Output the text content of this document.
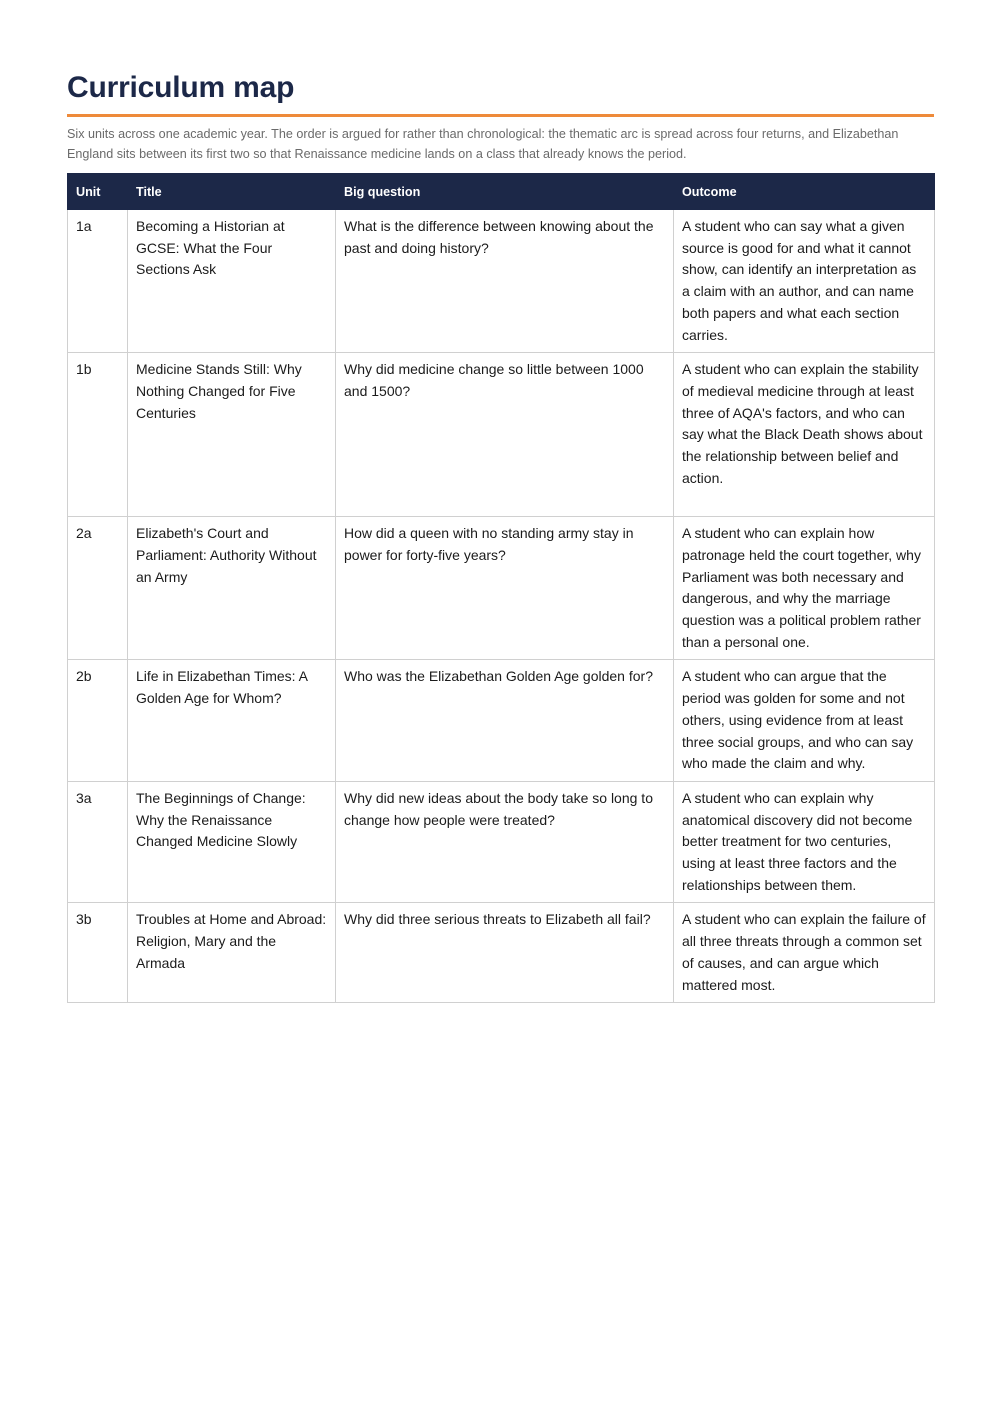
Curriculum map

Six units across one academic year. The order is argued for rather than chronological: the thematic arc is spread across four returns, and Elizabethan England sits between its first two so that Renaissance medicine lands on a class that already knows the period.

Unit	Title	Big question	Outcome
1a	Becoming a Historian at GCSE: What the Four Sections Ask	What is the difference between knowing about the past and doing history?	A student who can say what a given source is good for and what it cannot show, can identify an interpretation as a claim with an author, and can name both papers and what each section carries.
1b	Medicine Stands Still: Why Nothing Changed for Five Centuries	Why did medicine change so little between 1000 and 1500?	A student who can explain the stability of medieval medicine through at least three of AQA's factors, and who can say what the Black Death shows about the relationship between belief and action.
2a	Elizabeth's Court and Parliament: Authority Without an Army	How did a queen with no standing army stay in power for forty-five years?	A student who can explain how patronage held the court together, why Parliament was both necessary and dangerous, and why the marriage question was a political problem rather than a personal one.
2b	Life in Elizabethan Times: A Golden Age for Whom?	Who was the Elizabethan Golden Age golden for?	A student who can argue that the period was golden for some and not others, using evidence from at least three social groups, and who can say who made the claim and why.
3a	The Beginnings of Change: Why the Renaissance Changed Medicine Slowly	Why did new ideas about the body take so long to change how people were treated?	A student who can explain why anatomical discovery did not become better treatment for two centuries, using at least three factors and the relationships between them.
3b	Troubles at Home and Abroad: Religion, Mary and the Armada	Why did three serious threats to Elizabeth all fail?	A student who can explain the failure of all three threats through a common set of causes, and can argue which mattered most.
